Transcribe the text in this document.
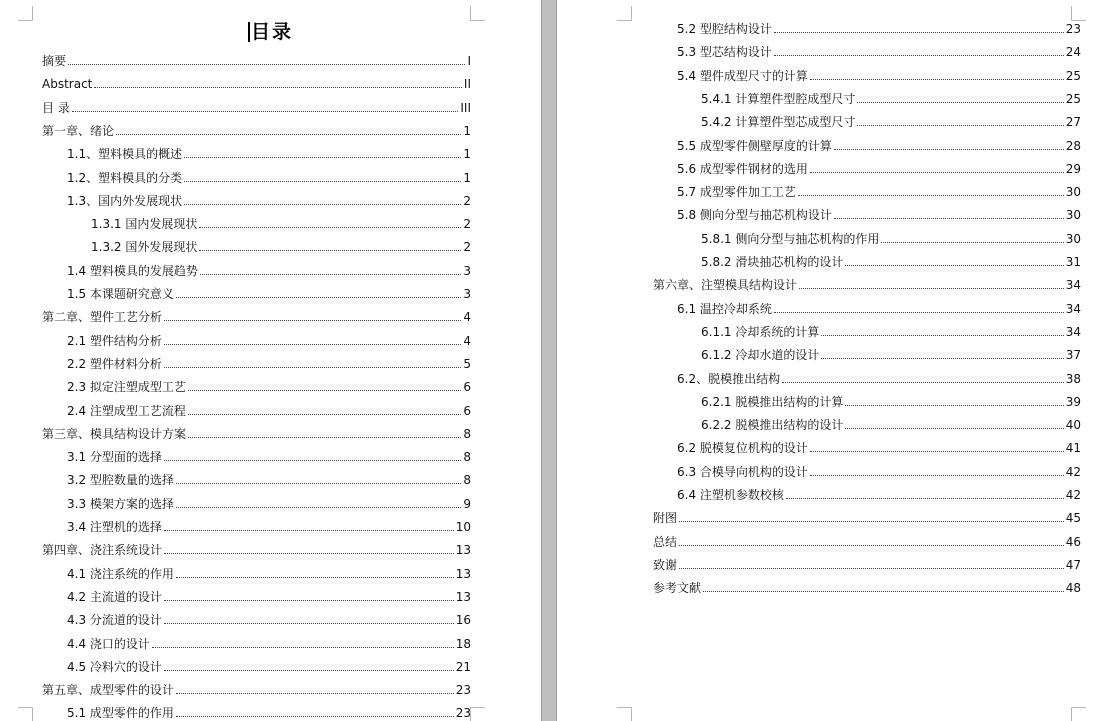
目录
摘要	I
Abstract	II
目 录	III
第一章、绪论	1
1.1、塑料模具的概述	1
1.2、塑料模具的分类	1
1.3、国内外发展现状	2
1.3.1 国内发展现状	2
1.3.2 国外发展现状	2
1.4 塑料模具的发展趋势	3
1.5 本课题研究意义	3
第二章、塑件工艺分析	4
2.1 塑件结构分析	4
2.2 塑件材料分析	5
2.3 拟定注塑成型工艺	6
2.4 注塑成型工艺流程	6
第三章、模具结构设计方案	8
3.1 分型面的选择	8
3.2 型腔数量的选择	8
3.3 模架方案的选择	9
3.4 注塑机的选择	10
第四章、浇注系统设计	13
4.1 浇注系统的作用	13
4.2 主流道的设计	13
4.3 分流道的设计	16
4.4 浇口的设计	18
4.5 冷料穴的设计	21
第五章、成型零件的设计	23
5.1 成型零件的作用	23
5.2 型腔结构设计	23
5.3 型芯结构设计	24
5.4 塑件成型尺寸的计算	25
5.4.1 计算塑件型腔成型尺寸	25
5.4.2 计算塑件型芯成型尺寸	27
5.5 成型零件侧壁厚度的计算	28
5.6 成型零件钢材的选用	29
5.7 成型零件加工工艺	30
5.8 侧向分型与抽芯机构设计	30
5.8.1 侧向分型与抽芯机构的作用	30
5.8.2 滑块抽芯机构的设计	31
第六章、注塑模具结构设计	34
6.1 温控冷却系统	34
6.1.1 冷却系统的计算	34
6.1.2 冷却水道的设计	37
6.2、脱模推出结构	38
6.2.1 脱模推出结构的计算	39
6.2.2 脱模推出结构的设计	40
6.2 脱模复位机构的设计	41
6.3 合模导向机构的设计	42
6.4 注塑机参数校核	42
附图	45
总结	46
致谢	47
参考文献	48
